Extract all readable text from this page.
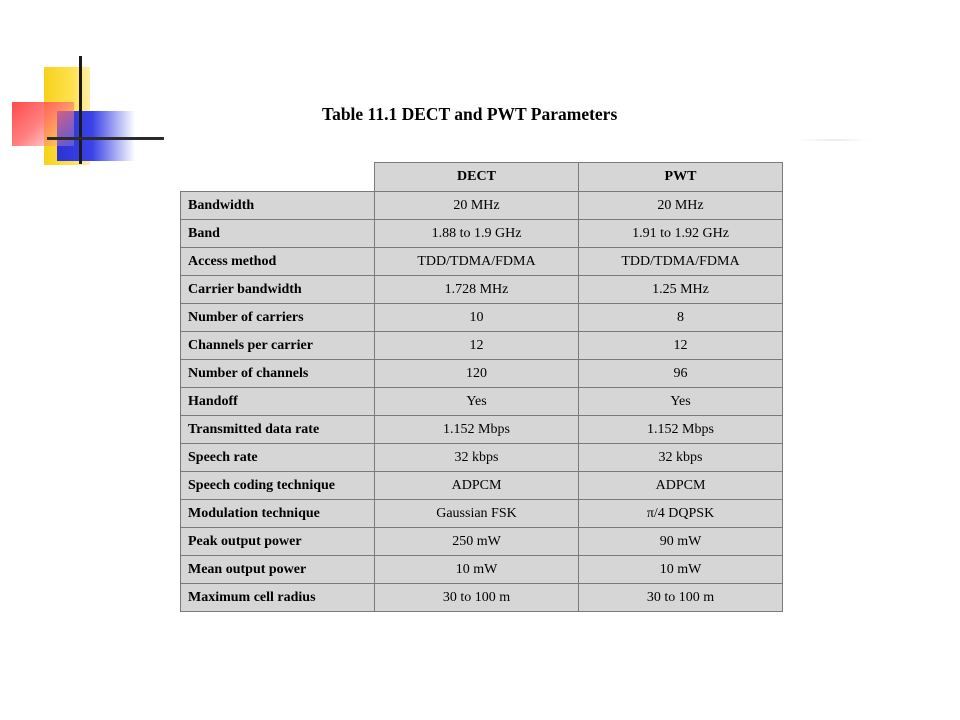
Table 11.1 DECT and PWT Parameters
	DECT	PWT
Bandwidth	20 MHz	20 MHz
Band	1.88 to 1.9 GHz	1.91 to 1.92 GHz
Access method	TDD/TDMA/FDMA	TDD/TDMA/FDMA
Carrier bandwidth	1.728 MHz	1.25 MHz
Number of carriers	10	8
Channels per carrier	12	12
Number of channels	120	96
Handoff	Yes	Yes
Transmitted data rate	1.152 Mbps	1.152 Mbps
Speech rate	32 kbps	32 kbps
Speech coding technique	ADPCM	ADPCM
Modulation technique	Gaussian FSK	π/4 DQPSK
Peak output power	250 mW	90 mW
Mean output power	10 mW	10 mW
Maximum cell radius	30 to 100 m	30 to 100 m
